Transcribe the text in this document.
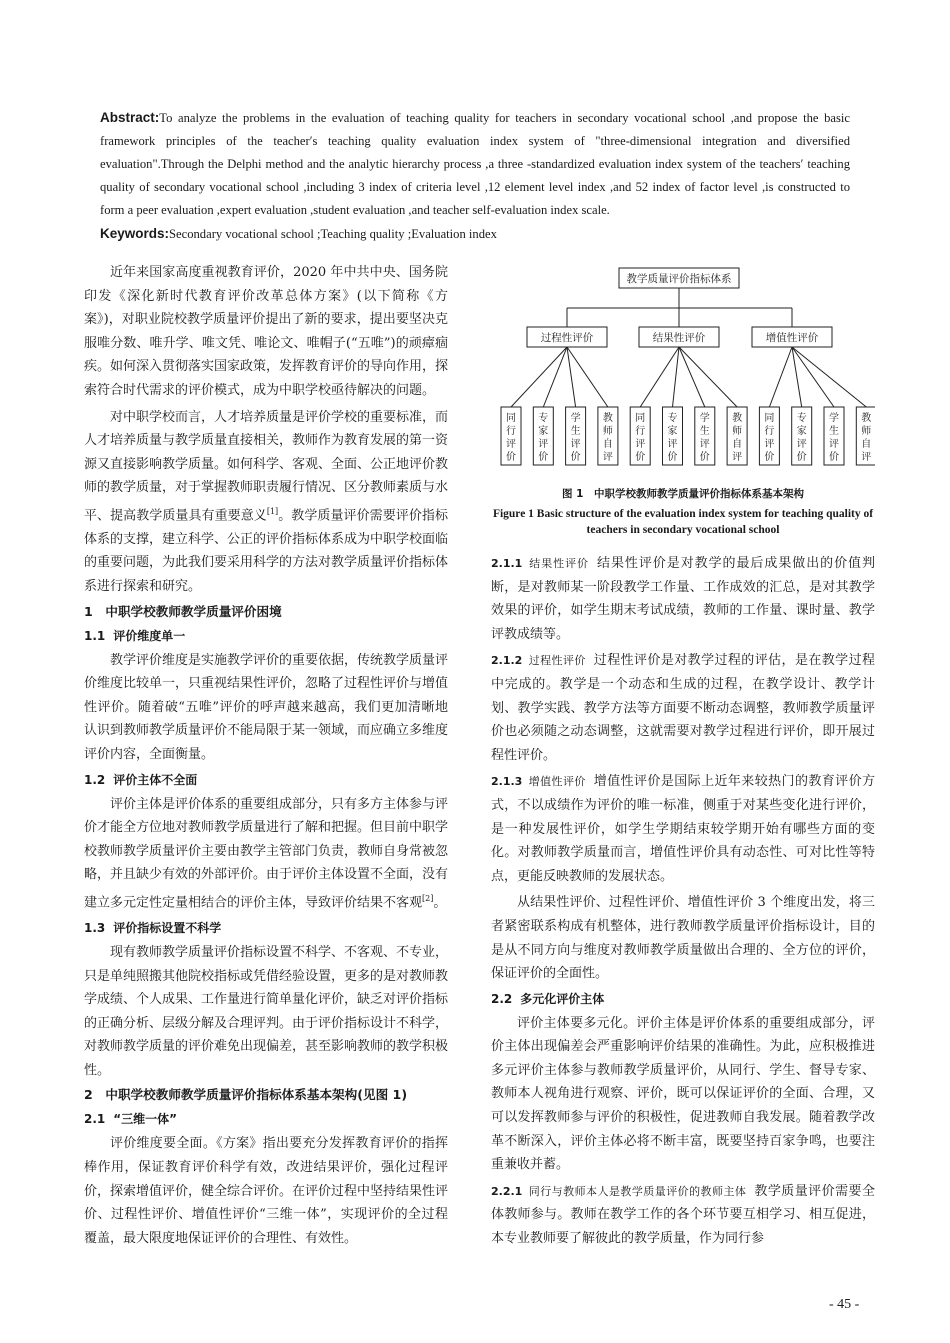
Abstract:To analyze the problems in the evaluation of teaching quality for teachers in secondary vocational school ,and propose the basic framework principles of the teacher′s teaching quality evaluation index system of "three-dimensional integration and diversified evaluation".Through the Delphi method and the analytic hierarchy process ,a three -standardized evaluation index system of the teachers′ teaching quality of secondary vocational school ,including 3 index of criteria level ,12 element level index ,and 52 index of factor level ,is constructed to form a peer evaluation ,expert evaluation ,student evaluation ,and teacher self-evaluation index scale.
Keywords:Secondary vocational school ;Teaching quality ;Evaluation index

近年来国家高度重视教育评价，2020 年中共中央、国务院印发《深化新时代教育评价改革总体方案》(以下简称《方案》)，对职业院校教学质量评价提出了新的要求，提出要坚决克服唯分数、唯升学、唯文凭、唯论文、唯帽子(“五唯”)的顽瘴痼疾。如何深入贯彻落实国家政策，发挥教育评价的导向作用，探索符合时代需求的评价模式，成为中职学校亟待解决的问题。

对中职学校而言，人才培养质量是评价学校的重要标准，而人才培养质量与教学质量直接相关，教师作为教育发展的第一资源又直接影响教学质量。如何科学、客观、全面、公正地评价教师的教学质量，对于掌握教师职责履行情况、区分教师素质与水平、提高教学质量具有重要意义[1]。教学质量评价需要评价指标体系的支撑，建立科学、公正的评价指标体系成为中职学校面临的重要问题，为此我们要采用科学的方法对教学质量评价指标体系进行探索和研究。

1　中职学校教师教学质量评价困境
1.1 评价维度单一

教学评价维度是实施教学评价的重要依据，传统教学质量评价维度比较单一，只重视结果性评价，忽略了过程性评价与增值性评价。随着破“五唯”评价的呼声越来越高，我们更加清晰地认识到教师教学质量评价不能局限于某一领域，而应确立多维度评价内容，全面衡量。

1.2 评价主体不全面

评价主体是评价体系的重要组成部分，只有多方主体参与评价才能全方位地对教师教学质量进行了解和把握。但目前中职学校教师教学质量评价主要由教学主管部门负责，教师自身常被忽略，并且缺少有效的外部评价。由于评价主体设置不全面，没有建立多元定性定量相结合的评价主体，导致评价结果不客观[2]。

1.3 评价指标设置不科学

现有教师教学质量评价指标设置不科学、不客观、不专业，只是单纯照搬其他院校指标或凭借经验设置，更多的是对教师教学成绩、个人成果、工作量进行简单量化评价，缺乏对评价指标的正确分析、层级分解及合理评判。由于评价指标设计不科学，对教师教学质量的评价难免出现偏差，甚至影响教师的教学积极性。

2　中职学校教师教学质量评价指标体系基本架构(见图 1)
2.1 “三维一体”

评价维度要全面。《方案》指出要充分发挥教育评价的指挥棒作用，保证教育评价科学有效，改进结果评价，强化过程评价，探索增值评价，健全综合评价。在评价过程中坚持结果性评价、过程性评价、增值性评价“三维一体”，实现评价的全过程覆盖，最大限度地保证评价的合理性、有效性。

教学质量评价指标体系
过程性评价	结果性评价	增值性评价
同行评价
专家评价
学生评价
教师自评
同行评价
专家评价
学生评价
教师自评
同行评价
专家评价
学生评价
教师自评
图 1　中职学校教师教学质量评价指标体系基本架构
Figure 1 Basic structure of the evaluation index system for teaching quality of teachers in secondary vocational school

2.1.1 结果性评价 结果性评价是对教学的最后成果做出的价值判断，是对教师某一阶段教学工作量、工作成效的汇总，是对其教学效果的评价，如学生期末考试成绩，教师的工作量、课时量、教学评教成绩等。

2.1.2 过程性评价 过程性评价是对教学过程的评估，是在教学过程中完成的。教学是一个动态和生成的过程，在教学设计、教学计划、教学实践、教学方法等方面要不断动态调整，教师教学质量评价也必须随之动态调整，这就需要对教学过程进行评价，即开展过程性评价。

2.1.3 增值性评价 增值性评价是国际上近年来较热门的教育评价方式，不以成绩作为评价的唯一标准，侧重于对某些变化进行评价，是一种发展性评价，如学生学期结束较学期开始有哪些方面的变化。对教师教学质量而言，增值性评价具有动态性、可对比性等特点，更能反映教师的发展状态。

从结果性评价、过程性评价、增值性评价 3 个维度出发，将三者紧密联系构成有机整体，进行教师教学质量评价指标设计，目的是从不同方向与维度对教师教学质量做出合理的、全方位的评价，保证评价的全面性。

2.2 多元化评价主体

评价主体要多元化。评价主体是评价体系的重要组成部分，评价主体出现偏差会严重影响评价结果的准确性。为此，应积极推进多元评价主体参与教师教学质量评价，从同行、学生、督导专家、教师本人视角进行观察、评价，既可以保证评价的全面、合理，又可以发挥教师参与评价的积极性，促进教师自我发展。随着教学改革不断深入，评价主体必将不断丰富，既要坚持百家争鸣，也要注重兼收并蓄。

2.2.1 同行与教师本人是教学质量评价的教师主体 教学质量评价需要全体教师参与。教师在教学工作的各个环节要互相学习、相互促进，本专业教师要了解彼此的教学质量，作为同行参

- 45 -
